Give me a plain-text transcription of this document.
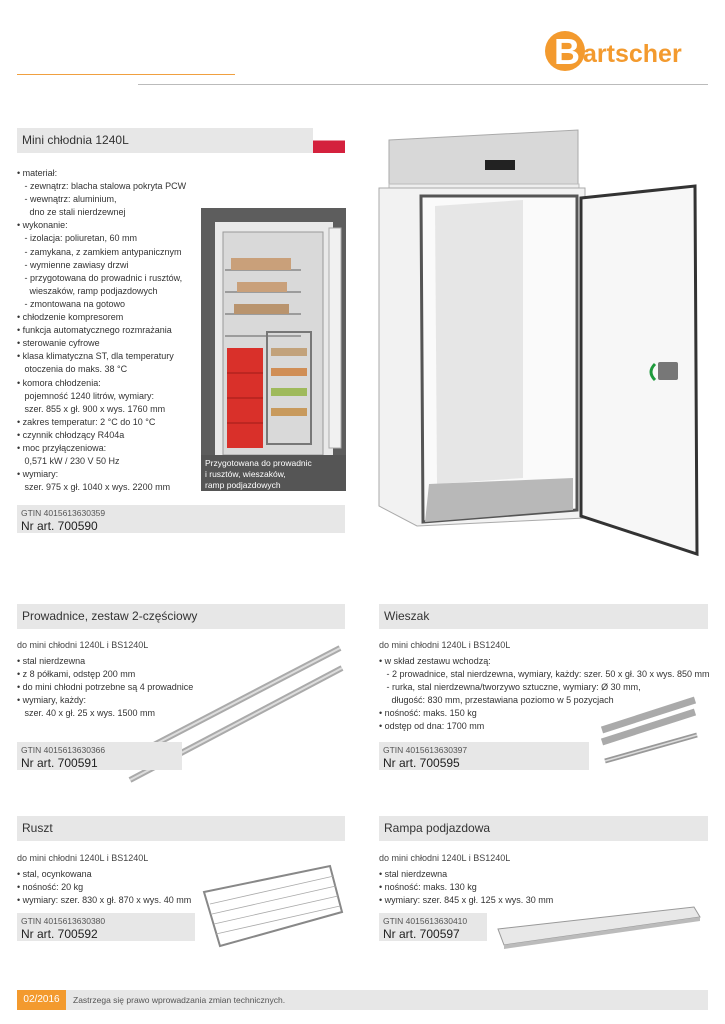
B artscher
Mini chłodnia 1240L
• materiał:
- zewnątrz: blacha stalowa pokryta PCW
- wewnątrz: aluminium,
dno ze stali nierdzewnej
• wykonanie:
- izolacja: poliuretan, 60 mm
- zamykana, z zamkiem antypanicznym
- wymienne zawiasy drzwi
- przygotowana do prowadnic i rusztów,
wieszaków, ramp podjazdowych
- zmontowana na gotowo
• chłodzenie kompresorem
• funkcja automatycznego rozmrażania
• sterowanie cyfrowe
• klasa klimatyczna ST, dla temperatury
otoczenia do maks. 38 °C
• komora chłodzenia:
pojemność 1240 litrów, wymiary:
szer. 855 x gł. 900 x wys. 1760 mm
• zakres temperatur: 2 °C do 10 °C
• czynnik chłodzący R404a
• moc przyłączeniowa:
0,571 kW / 230 V 50 Hz
• wymiary:
szer. 975 x gł. 1040 x wys. 2200 mm
Przygotowana do prowadnic
i rusztów, wieszaków,
ramp podjazdowych
GTIN 4015613630359
Nr art. 700590
Prowadnice, zestaw 2-częściowy
do mini chłodni 1240L i BS1240L
• stal nierdzewna
• z 8 półkami, odstęp 200 mm
• do mini chłodni potrzebne są 4 prowadnice
• wymiary, każdy:
szer. 40 x gł. 25 x wys. 1500 mm
GTIN 4015613630366
Nr art. 700591
Wieszak
do mini chłodni 1240L i BS1240L
• w skład zestawu wchodzą:
- 2 prowadnice, stal nierdzewna, wymiary, każdy: szer. 50 x gł. 30 x wys. 850 mm
- rurka, stal nierdzewna/tworzywo sztuczne, wymiary: Ø 30 mm,
długość: 830 mm, przestawiana poziomo w 5 pozycjach
• nośność: maks. 150 kg
• odstęp od dna: 1700 mm
GTIN 4015613630397
Nr art. 700595
Ruszt
do mini chłodni 1240L i BS1240L
• stal, ocynkowana
• nośność: 20 kg
• wymiary: szer. 830 x gł. 870 x wys. 40 mm
GTIN 4015613630380
Nr art. 700592
Rampa podjazdowa
do mini chłodni 1240L i BS1240L
• stal nierdzewna
• nośność: maks. 130 kg
• wymiary: szer. 845 x gł. 125 x wys. 30 mm
GTIN 4015613630410
Nr art. 700597
02/2016	Zastrzega się prawo wprowadzania zmian technicznych.
